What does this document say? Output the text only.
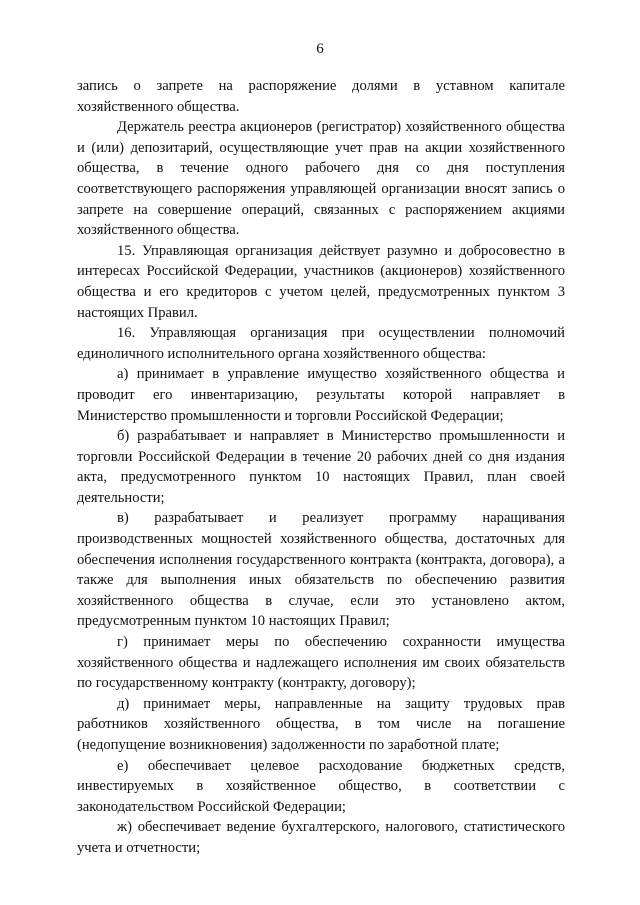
6

запись о запрете на распоряжение долями в уставном капитале хозяйственного общества.

Держатель реестра акционеров (регистратор) хозяйственного общества и (или) депозитарий, осуществляющие учет прав на акции хозяйственного общества, в течение одного рабочего дня со дня поступления соответствующего распоряжения управляющей организации вносят запись о запрете на совершение операций, связанных с распоряжением акциями хозяйственного общества.

15. Управляющая организация действует разумно и добросовестно в интересах Российской Федерации, участников (акционеров) хозяйственного общества и его кредиторов с учетом целей, предусмотренных пунктом 3 настоящих Правил.

16. Управляющая организация при осуществлении полномочий единоличного исполнительного органа хозяйственного общества:

а) принимает в управление имущество хозяйственного общества и проводит его инвентаризацию, результаты которой направляет в Министерство промышленности и торговли Российской Федерации;

б) разрабатывает и направляет в Министерство промышленности и торговли Российской Федерации в течение 20 рабочих дней со дня издания акта, предусмотренного пунктом 10 настоящих Правил, план своей деятельности;

в) разрабатывает и реализует программу наращивания производственных мощностей хозяйственного общества, достаточных для обеспечения исполнения государственного контракта (контракта, договора), а также для выполнения иных обязательств по обеспечению развития хозяйственного общества в случае, если это установлено актом, предусмотренным пунктом 10 настоящих Правил;

г) принимает меры по обеспечению сохранности имущества хозяйственного общества и надлежащего исполнения им своих обязательств по государственному контракту (контракту, договору);

д) принимает меры, направленные на защиту трудовых прав работников хозяйственного общества, в том числе на погашение (недопущение возникновения) задолженности по заработной плате;

е) обеспечивает целевое расходование бюджетных средств, инвестируемых в хозяйственное общество, в соответствии с законодательством Российской Федерации;

ж) обеспечивает ведение бухгалтерского, налогового, статистического учета и отчетности;
